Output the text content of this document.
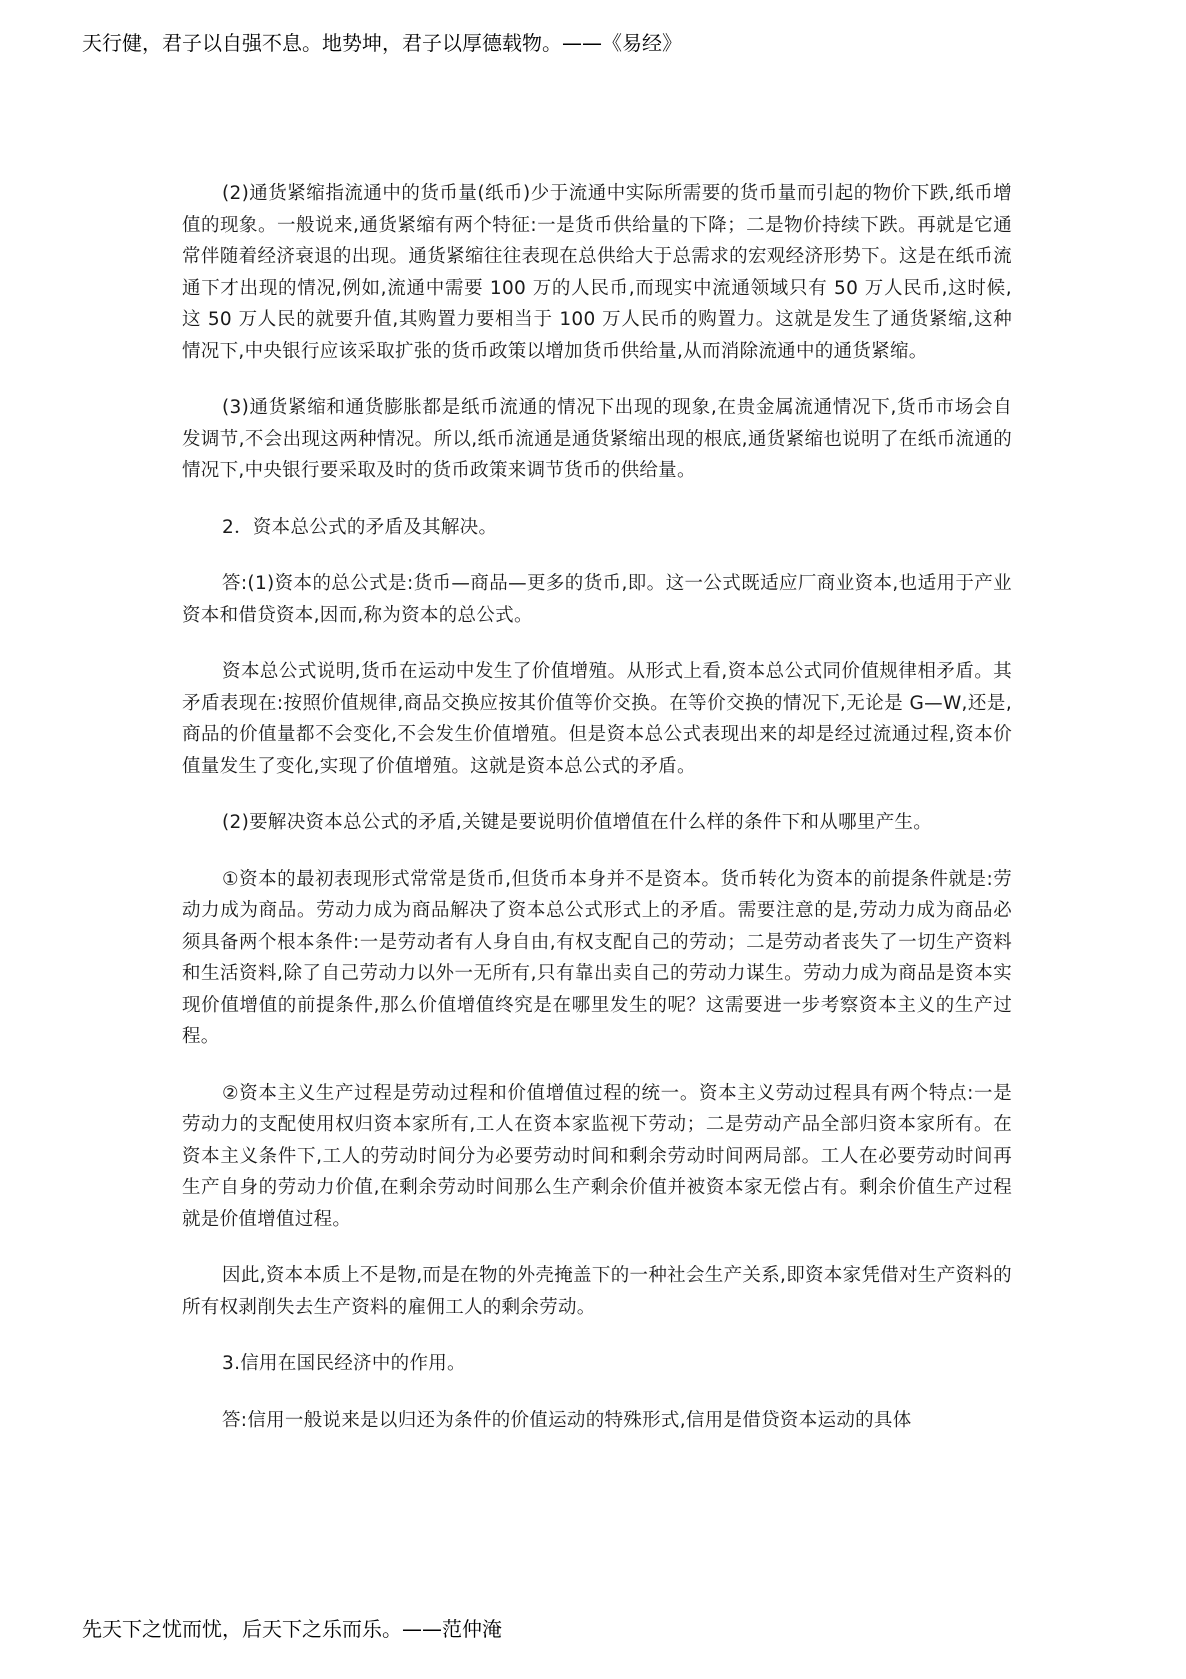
天行健，君子以自强不息。地势坤，君子以厚德载物。——《易经》

(2)通货紧缩指流通中的货币量(纸币)少于流通中实际所需要的货币量而引起的物价下跌,纸币增值的现象。一般说来,通货紧缩有两个特征:一是货币供给量的下降；二是物价持续下跌。再就是它通常伴随着经济衰退的出现。通货紧缩往往表现在总供给大于总需求的宏观经济形势下。这是在纸币流通下才出现的情况,例如,流通中需要 100 万的人民币,而现实中流通领域只有 50 万人民币,这时候,这 50 万人民的就要升值,其购置力要相当于 100 万人民币的购置力。这就是发生了通货紧缩,这种情况下,中央银行应该采取扩张的货币政策以增加货币供给量,从而消除流通中的通货紧缩。

(3)通货紧缩和通货膨胀都是纸币流通的情况下出现的现象,在贵金属流通情况下,货币市场会自发调节,不会出现这两种情况。所以,纸币流通是通货紧缩出现的根底,通货紧缩也说明了在纸币流通的情况下,中央银行要采取及时的货币政策来调节货币的供给量。

2．资本总公式的矛盾及其解决。

答:(1)资本的总公式是:货币—商品—更多的货币,即。这一公式既适应厂商业资本,也适用于产业资本和借贷资本,因而,称为资本的总公式。

资本总公式说明,货币在运动中发生了价值增殖。从形式上看,资本总公式同价值规律相矛盾。其矛盾表现在:按照价值规律,商品交换应按其价值等价交换。在等价交换的情况下,无论是 G—W,还是,商品的价值量都不会变化,不会发生价值增殖。但是资本总公式表现出来的却是经过流通过程,资本价值量发生了变化,实现了价值增殖。这就是资本总公式的矛盾。

(2)要解决资本总公式的矛盾,关键是要说明价值增值在什么样的条件下和从哪里产生。

①资本的最初表现形式常常是货币,但货币本身并不是资本。货币转化为资本的前提条件就是:劳动力成为商品。劳动力成为商品解决了资本总公式形式上的矛盾。需要注意的是,劳动力成为商品必须具备两个根本条件:一是劳动者有人身自由,有权支配自己的劳动；二是劳动者丧失了一切生产资料和生活资料,除了自己劳动力以外一无所有,只有靠出卖自己的劳动力谋生。劳动力成为商品是资本实现价值增值的前提条件,那么价值增值终究是在哪里发生的呢？这需要进一步考察资本主义的生产过程。

②资本主义生产过程是劳动过程和价值增值过程的统一。资本主义劳动过程具有两个特点:一是劳动力的支配使用权归资本家所有,工人在资本家监视下劳动；二是劳动产品全部归资本家所有。在资本主义条件下,工人的劳动时间分为必要劳动时间和剩余劳动时间两局部。工人在必要劳动时间再生产自身的劳动力价值,在剩余劳动时间那么生产剩余价值并被资本家无偿占有。剩余价值生产过程就是价值增值过程。

因此,资本本质上不是物,而是在物的外壳掩盖下的一种社会生产关系,即资本家凭借对生产资料的所有权剥削失去生产资料的雇佣工人的剩余劳动。

3.信用在国民经济中的作用。

答:信用一般说来是以归还为条件的价值运动的特殊形式,信用是借贷资本运动的具体

先天下之忧而忧，后天下之乐而乐。——范仲淹
